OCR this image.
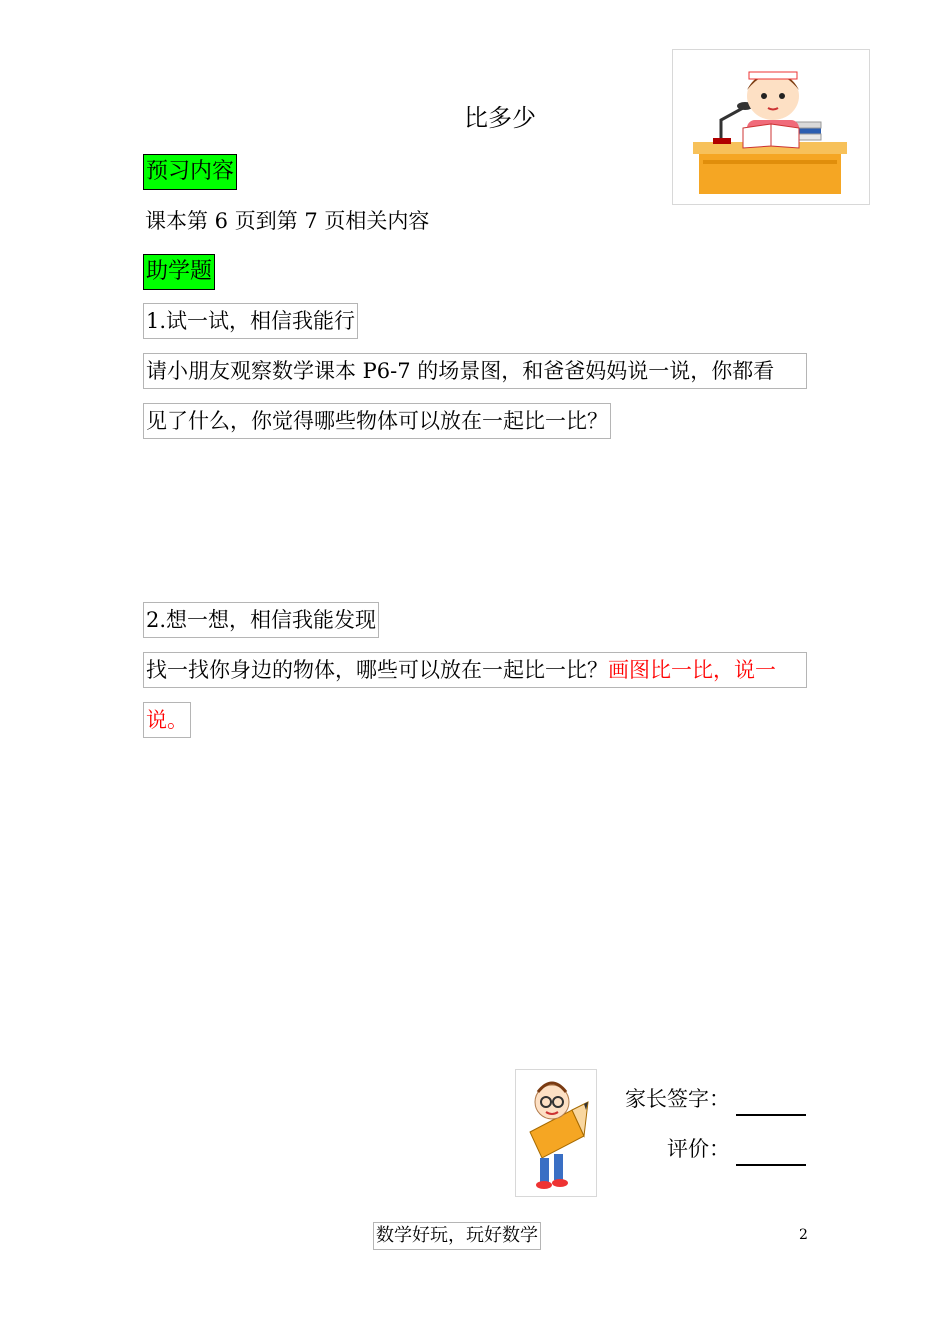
比多少
预习内容
课本第 6 页到第 7 页相关内容
助学题
1.试一试，相信我能行
请小朋友观察数学课本 P6-7 的场景图，和爸爸妈妈说一说，你都看
见了什么，你觉得哪些物体可以放在一起比一比？
2.想一想，相信我能发现
找一找你身边的物体，哪些可以放在一起比一比？画图比一比，说一
说。
家长签字：
评价：
数学好玩，玩好数学	2
